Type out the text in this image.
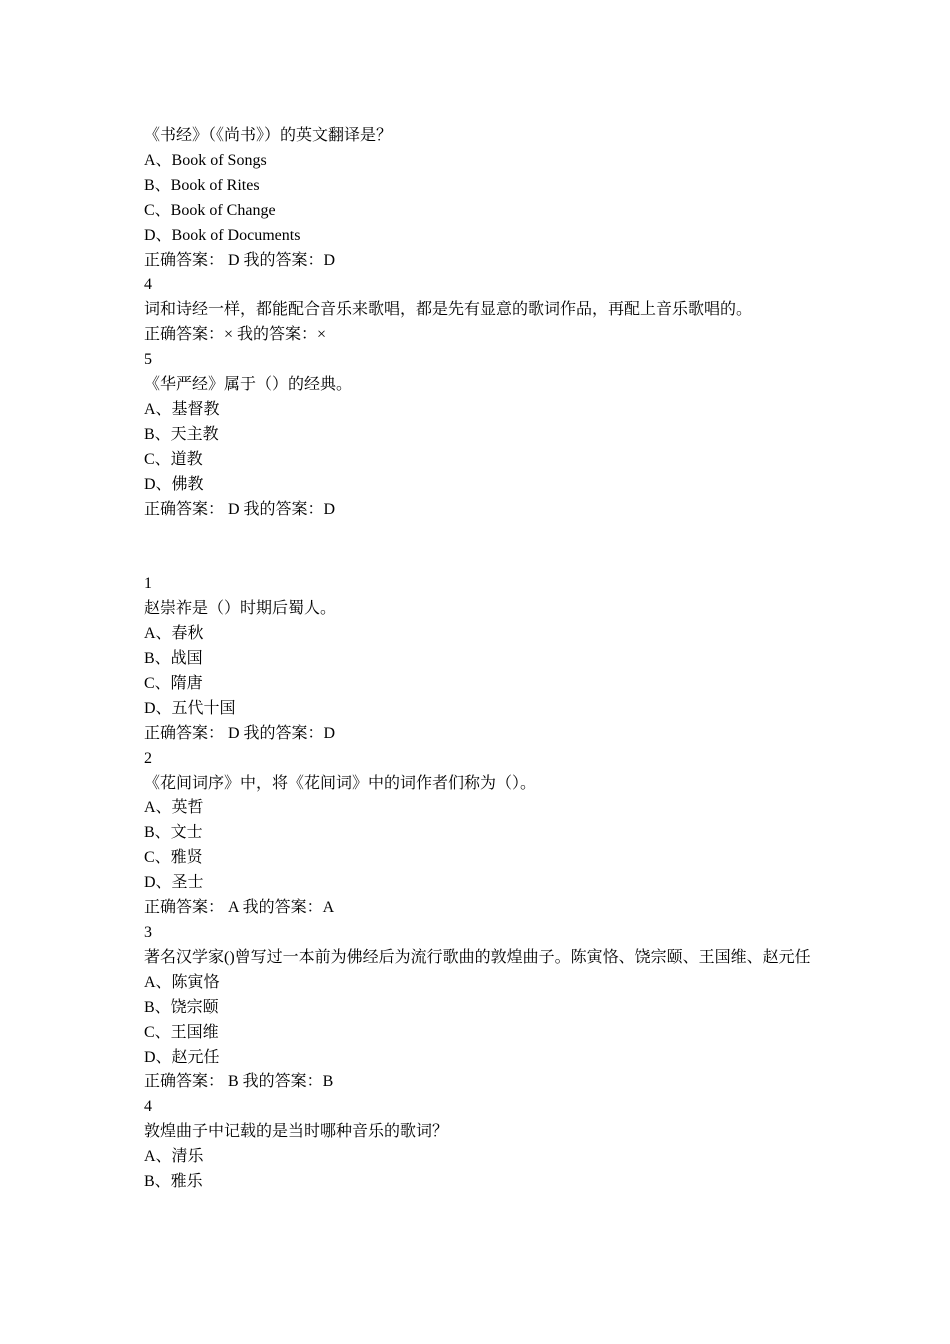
《书经》（《尚书》）的英文翻译是？
A、Book of Songs
B、Book of Rites
C、Book of Change
D、Book of Documents
正确答案： D 我的答案：D
4
词和诗经一样，都能配合音乐来歌唱，都是先有显意的歌词作品，再配上音乐歌唱的。
正确答案：× 我的答案：×
5
《华严经》属于（）的经典。
A、基督教
B、天主教
C、道教
D、佛教
正确答案： D 我的答案：D
1
赵崇祚是（）时期后蜀人。
A、春秋
B、战国
C、隋唐
D、五代十国
正确答案： D 我的答案：D
2
《花间词序》中，将《花间词》中的词作者们称为（）。
A、英哲
B、文士
C、雅贤
D、圣士
正确答案： A 我的答案：A
3
著名汉学家()曾写过一本前为佛经后为流行歌曲的敦煌曲子。陈寅恪、饶宗颐、王国维、赵元任
A、陈寅恪
B、饶宗颐
C、王国维
D、赵元任
正确答案： B 我的答案：B
4
敦煌曲子中记载的是当时哪种音乐的歌词？
A、清乐
B、雅乐
